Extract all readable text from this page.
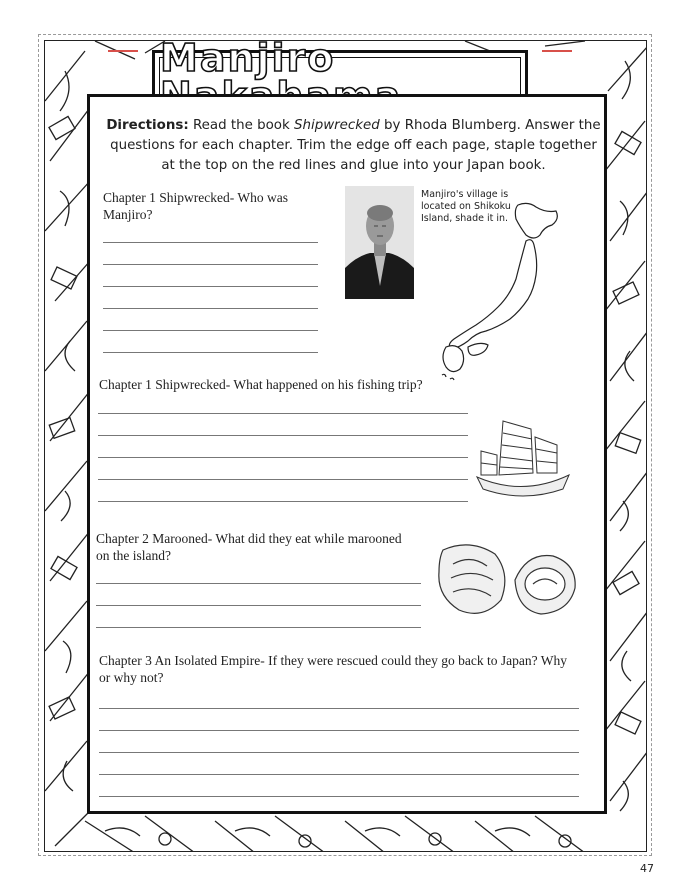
Manjiro
Directions: Read the book Shipwrecked by Rhoda Blumberg. Answer the questions for each chapter. Trim the edge off each page, staple together at the top on the red lines and glue into your Japan book.
Chapter 1 Shipwrecked- Who was Manjiro?
Manjiro's village is located on Shikoku Island, shade it in.
Chapter 1 Shipwrecked- What happened on his fishing trip?
Chapter 2 Marooned- What did they eat while marooned on the island?
Chapter 3 An Isolated Empire- If they were rescued could they go back to Japan? Why or why not?
47
